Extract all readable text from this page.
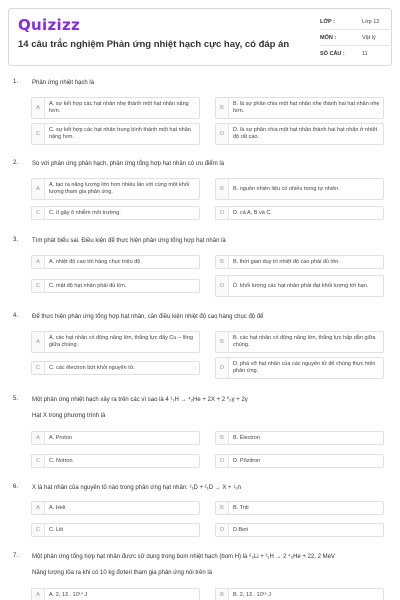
Quizizz
14 câu trắc nghiệm Phản ứng nhiệt hạch cực hay, có đáp án
LỚP :	Lớp 12
MÔN :	Vật lý
SỐ CÂU :	11
1. Phản ứng nhiệt hạch là
A
A. sự kết hợp các hạt nhân nhẹ thành một hạt nhân nặng hơn.	B
B. là sự phân chia một hạt nhân nhẹ thành hai hạt nhân nhẹ hơn.
C
C. sự kết hợp các hạt nhân trung bình thành một hạt nhân nặng hơn.	D
D. là sự phân chia một hạt nhân thành hai hạt nhân ở nhiệt độ rất cao.
2. So với phản ứng phân hạch, phản ứng tổng hợp hạt nhân có ưu điểm là
A
A. tạo ra năng lượng lớn hơn nhiều lần với cùng một khối lượng tham gia phản ứng.	B	B. nguồn nhiên liệu có nhiều trong tự nhiên.
C	C. ít gây ô nhiễm môi trường.	D	D. cả A, B và C.
3. Tìm phát biểu sai. Điều kiện để thực hiện phản ứng tổng hợp hạt nhân là
A	A. nhiệt độ cao tới hàng chục triệu độ.	B	B. thời gian duy trì nhiệt độ cao phải đủ lớn.
C	C. mật độ hạt nhân phải đủ lớn.	D	D. khối lượng các hạt nhân phải đạt khối lượng tới hạn.
4. Để thực hiện phản ứng tổng hợp hạt nhân, cần điều kiện nhiệt độ cao hàng chục độ để
A
A. các hạt nhân có động năng lớn, thắng lực đẩy Cu – lông giữa chúng.	B
B. các hạt nhân có động năng lớn, thắng lực hấp dẫn giữa chúng.
C	C. các êlectron bứt khỏi nguyên tử.	D
D. phá vỡ hạt nhân của các nguyên tử để chúng thực hiện phản ứng.
5. Một phản ứng nhiệt hạch xảy ra trên các vì sao là 4 ¹₁H → ⁴₂He + 2X + 2 ⁰₀γ + 2γ
Hạt X trong phương trình là
A	A. Proton	B	B. Êlectron
C	C. Notron	D	D. Pôzitron
6. X là hạt nhân của nguyên tố nào trong phản ứng hạt nhân: ²₁D + ²₁D → X + ¹₀n
A	A. Heli	B	B. Triti
C	C. Liti	D	D.Beri
7. Một phản ứng tổng hợp hạt nhân được sử dụng trong bom nhiệt hạch (bom H) là ⁶₃Li + ²₁H → 2 ⁴₂He + 22, 2 MeV
Năng lượng tỏa ra khi có 10 kg đơteri tham gia phản ứng nói trên là
A	A. 2, 13 . 10¹⁴ J	B	B. 2, 13 . 10¹⁵ J
